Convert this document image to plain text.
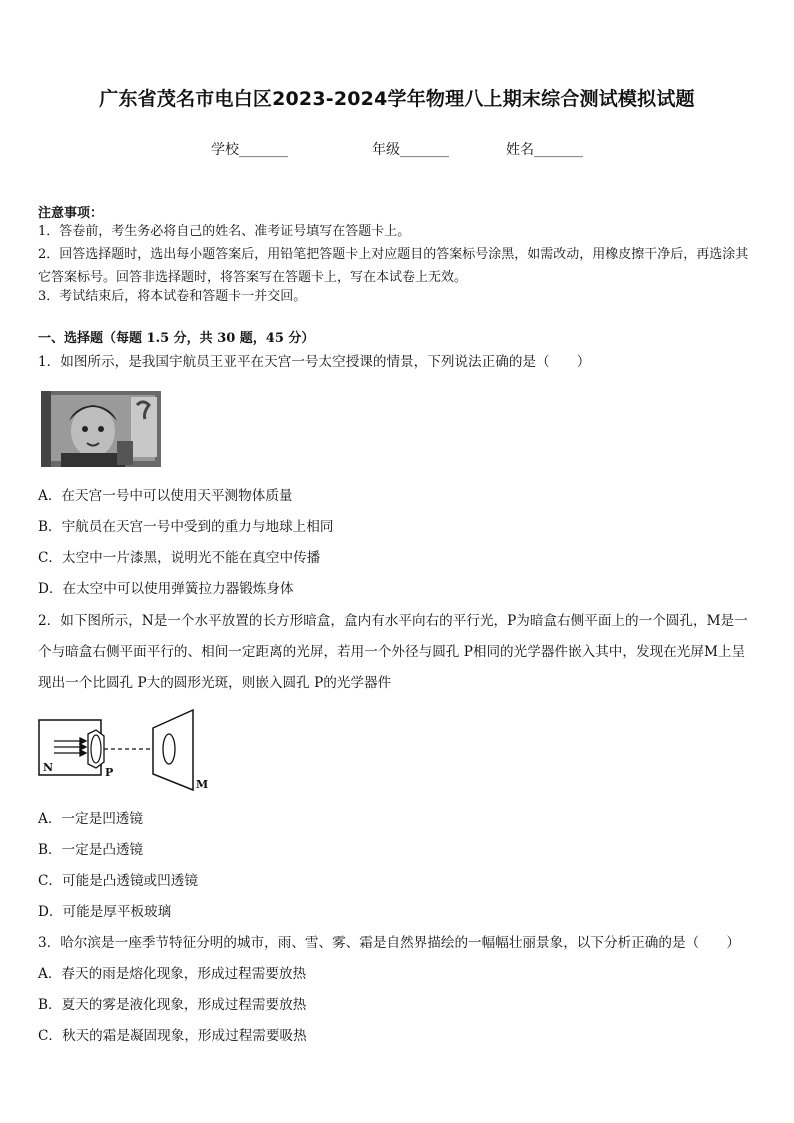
广东省茂名市电白区2023-2024学年物理八上期末综合测试模拟试题
学校_______	年级_______	姓名_______
注意事项：
1．答卷前，考生务必将自己的姓名、准考证号填写在答题卡上。
2．回答选择题时，选出每小题答案后，用铅笔把答题卡上对应题目的答案标号涂黑，如需改动，用橡皮擦干净后，再选涂其它答案标号。回答非选择题时，将答案写在答题卡上，写在本试卷上无效。
3．考试结束后，将本试卷和答题卡一并交回。
一、选择题（每题 1.5 分，共 30 题，45 分）
1．如图所示，是我国宇航员王亚平在天宫一号太空授课的情景，下列说法正确的是（　　）
A．在天宫一号中可以使用天平测物体质量
B．宇航员在天宫一号中受到的重力与地球上相同
C．太空中一片漆黑，说明光不能在真空中传播
D．在太空中可以使用弹簧拉力器锻炼身体
2．如下图所示，N是一个水平放置的长方形暗盒，盒内有水平向右的平行光，P为暗盒右侧平面上的一个圆孔，M是一个与暗盒右侧平面平行的、相间一定距离的光屏，若用一个外径与圆孔 P相同的光学器件嵌入其中，发现在光屏M上呈现出一个比圆孔 P大的圆形光斑，则嵌入圆孔 P的光学器件
N	P
M
A．一定是凹透镜
B．一定是凸透镜
C．可能是凸透镜或凹透镜
D．可能是厚平板玻璃
3．哈尔滨是一座季节特征分明的城市，雨、雪、雾、霜是自然界描绘的一幅幅壮丽景象，以下分析正确的是（　　）
A．春天的雨是熔化现象，形成过程需要放热
B．夏天的雾是液化现象，形成过程需要放热
C．秋天的霜是凝固现象，形成过程需要吸热
